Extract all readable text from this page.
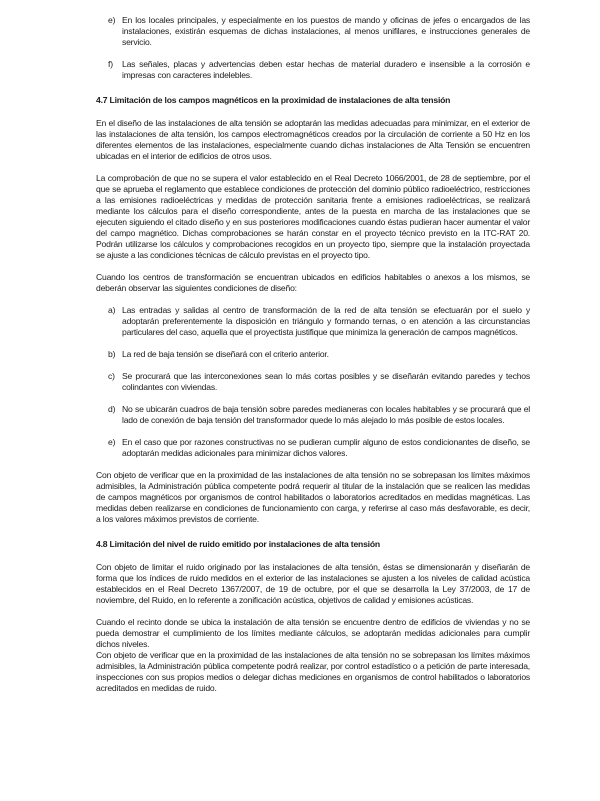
e) En los locales principales, y especialmente en los puestos de mando y oficinas de jefes o encargados de las instalaciones, existirán esquemas de dichas instalaciones, al menos unifilares, e instrucciones generales de servicio.
f)	Las señales, placas y advertencias deben estar hechas de material duradero e insensible a la corrosión e impresas con caracteres indelebles.
4.7 Limitación de los campos magnéticos en la proximidad de instalaciones de alta tensión

En el diseño de las instalaciones de alta tensión se adoptarán las medidas adecuadas para minimizar, en el exterior de las instalaciones de alta tensión, los campos electromagnéticos creados por la circulación de corriente a 50 Hz en los diferentes elementos de las instalaciones, especialmente cuando dichas instalaciones de Alta Tensión se encuentren ubicadas en el interior de edificios de otros usos.

La comprobación de que no se supera el valor establecido en el Real Decreto 1066/2001, de 28 de septiembre, por el que se aprueba el reglamento que establece condiciones de protección del dominio público radioeléctrico, restricciones a las emisiones radioeléctricas y medidas de protección sanitaria frente a emisiones radioeléctricas, se realizará mediante los cálculos para el diseño correspondiente, antes de la puesta en marcha de las instalaciones que se ejecuten siguiendo el citado diseño y en sus posteriores modificaciones cuando éstas pudieran hacer aumentar el valor del campo magnético. Dichas comprobaciones se harán constar en el proyecto técnico previsto en la ITC-RAT 20. Podrán utilizarse los cálculos y comprobaciones recogidos en un proyecto tipo, siempre que la instalación proyectada se ajuste a las condiciones técnicas de cálculo previstas en el proyecto tipo.

Cuando los centros de transformación se encuentran ubicados en edificios habitables o anexos a los mismos, se deberán observar las siguientes condiciones de diseño:

a) Las entradas y salidas al centro de transformación de la red de alta tensión se efectuarán por el suelo y adoptarán preferentemente la disposición en triángulo y formando ternas, o en atención a las circunstancias particulares del caso, aquella que el proyectista justifique que minimiza la generación de campos magnéticos.
b) La red de baja tensión se diseñará con el criterio anterior.
c) Se procurará que las interconexiones sean lo más cortas posibles y se diseñarán evitando paredes y techos colindantes con viviendas.
d) No se ubicarán cuadros de baja tensión sobre paredes medianeras con locales habitables y se procurará que el lado de conexión de baja tensión del transformador quede lo más alejado lo más posible de estos locales.
e) En el caso que por razones constructivas no se pudieran cumplir alguno de estos condicionantes de diseño, se adoptarán medidas adicionales para minimizar dichos valores.

Con objeto de verificar que en la proximidad de las instalaciones de alta tensión no se sobrepasan los límites máximos admisibles, la Administración pública competente podrá requerir al titular de la instalación que se realicen las medidas de campos magnéticos por organismos de control habilitados o laboratorios acreditados en medidas magnéticas. Las medidas deben realizarse en condiciones de funcionamiento con carga, y referirse al caso más desfavorable, es decir, a los valores máximos previstos de corriente.

4.8 Limitación del nivel de ruido emitido por instalaciones de alta tensión

Con objeto de limitar el ruido originado por las instalaciones de alta tensión, éstas se dimensionarán y diseñarán de forma que los índices de ruido medidos en el exterior de las instalaciones se ajusten a los niveles de calidad acústica establecidos en el Real Decreto 1367/2007, de 19 de octubre, por el que se desarrolla la Ley 37/2003, de 17 de noviembre, del Ruido, en lo referente a zonificación acústica, objetivos de calidad y emisiones acústicas.

Cuando el recinto donde se ubica la instalación de alta tensión se encuentre dentro de edificios de viviendas y no se pueda demostrar el cumplimiento de los límites mediante cálculos, se adoptarán medidas adicionales para cumplir dichos niveles.

Con objeto de verificar que en la proximidad de las instalaciones de alta tensión no se sobrepasan los límites máximos admisibles, la Administración pública competente podrá realizar, por control estadístico o a petición de parte interesada, inspecciones con sus propios medios o delegar dichas mediciones en organismos de control habilitados o laboratorios acreditados en medidas de ruido.
